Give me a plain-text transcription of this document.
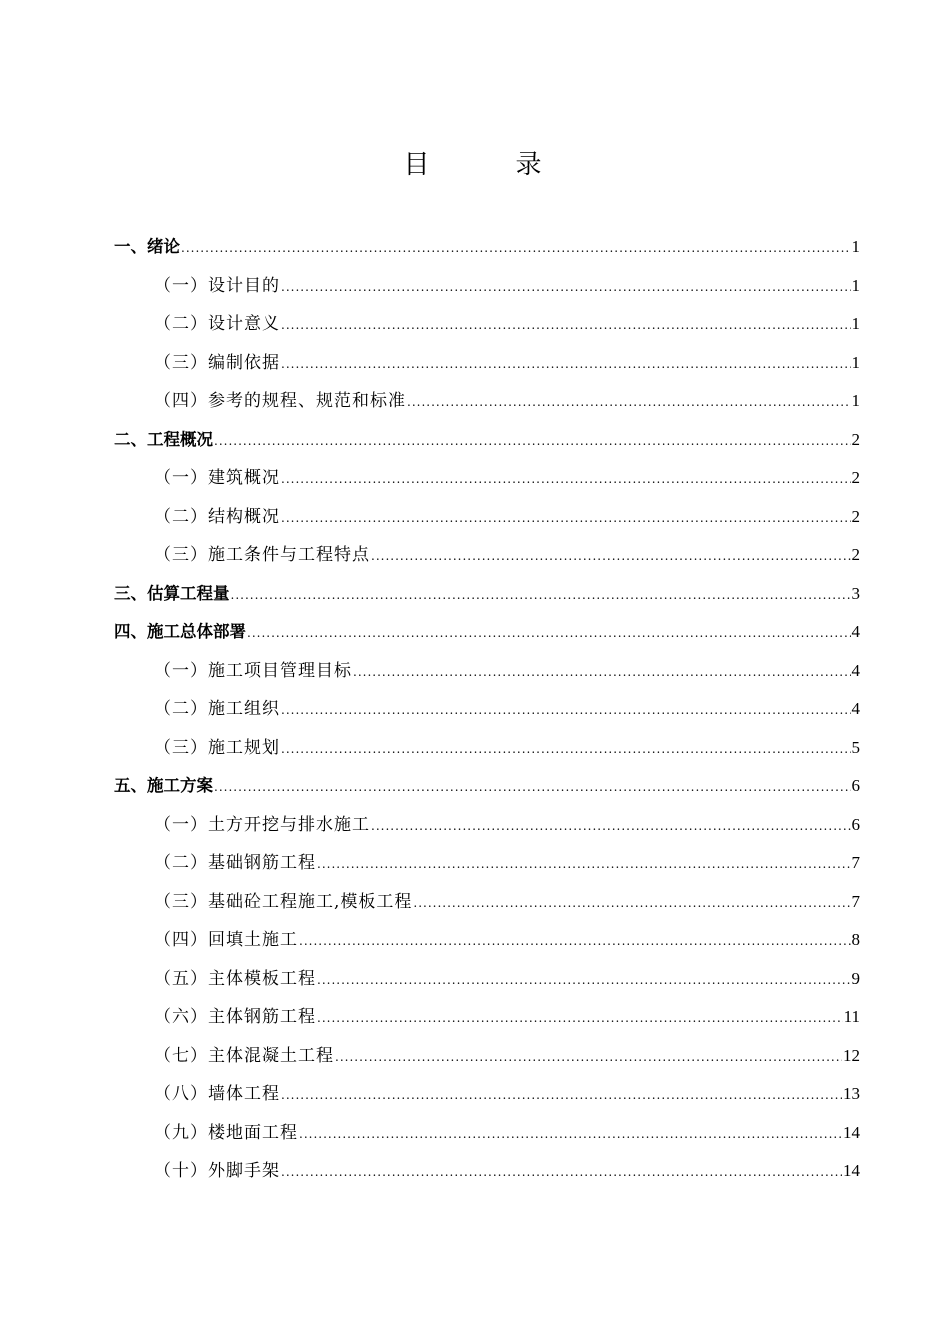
目　录
一、绪论 .....	1
（一）设计目的 .....	1
（二）设计意义 .....	1
（三）编制依据 .....	1
（四）参考的规程、规范和标准 .....	1
二、工程概况 .....	2
（一）建筑概况 .....	2
（二）结构概况 .....	2
（三）施工条件与工程特点 .....	2
三、估算工程量 .....	3
四、施工总体部署 .....	4
（一）施工项目管理目标 .....	4
（二）施工组织 .....	4
（三）施工规划 .....	5
五、施工方案 .....	6
（一）土方开挖与排水施工 .....	6
（二）基础钢筋工程 .....	7
（三）基础砼工程施工,模板工程 .....	7
（四）回填土施工 .....	8
（五）主体模板工程 .....	9
（六）主体钢筋工程 .....	11
（七）主体混凝土工程 .....	12
（八）墙体工程 .....	13
（九）楼地面工程 .....	14
（十）外脚手架 .....	14
